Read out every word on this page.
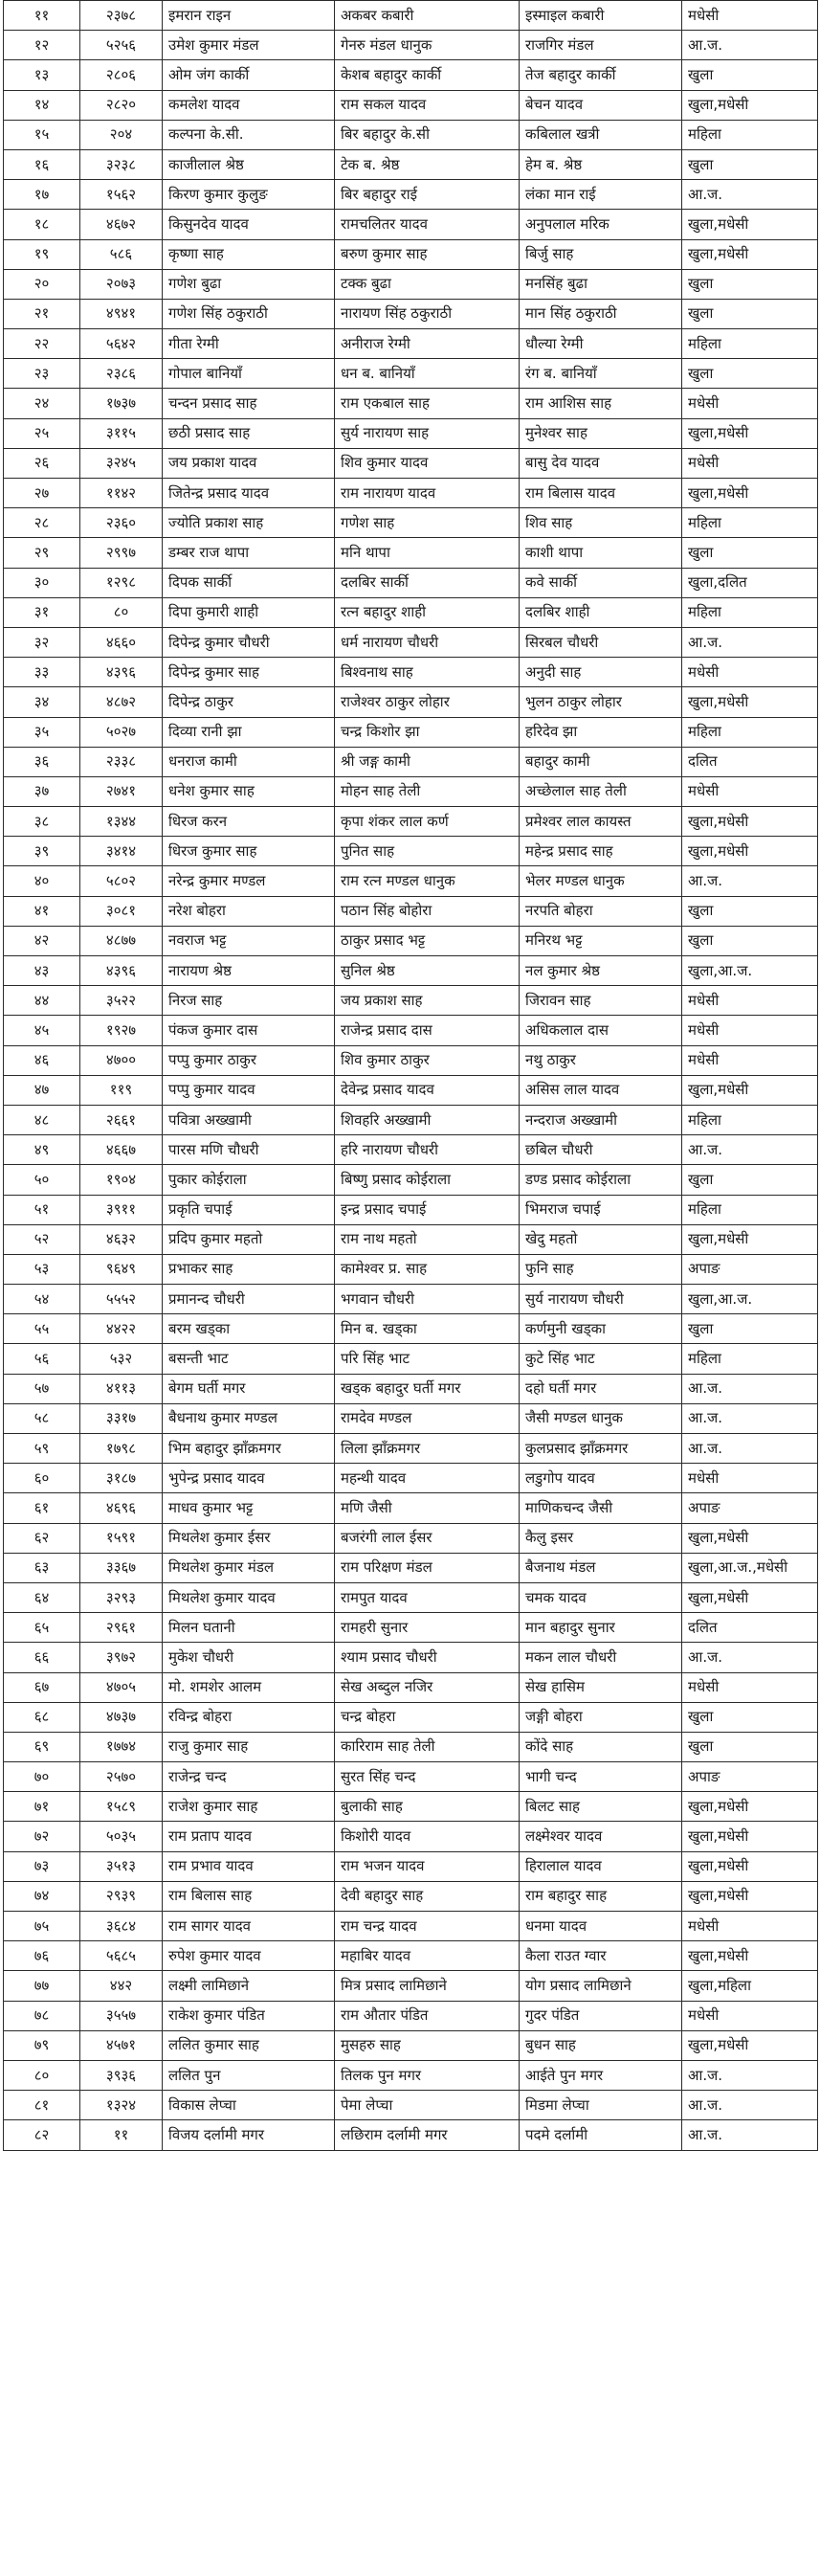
११	२३७८	इमरान राइन	अकबर कबारी	इस्माइल कबारी	मधेसी
१२	५२५६	उमेश कुमार मंडल	गेनरु मंडल धानुक	राजगिर मंडल	आ.ज.
१३	२८०६	ओम जंग कार्की	केशब बहादुर कार्की	तेज बहादुर कार्की	खुला
१४	२८२०	कमलेश यादव	राम सकल यादव	बेचन यादव	खुला,मधेसी
१५	२०४	कल्पना के.सी.	बिर बहादुर के.सी	कबिलाल खत्री	महिला
१६	३२३८	काजीलाल श्रेष्ठ	टेक ब. श्रेष्ठ	हेम ब. श्रेष्ठ	खुला
१७	१५६२	किरण कुमार कुलुङ	बिर बहादुर राई	लंका मान राई	आ.ज.
१८	४६७२	किसुनदेव यादव	रामचलितर यादव	अनुपलाल मरिक	खुला,मधेसी
१९	५८६	कृष्णा साह	बरुण कुमार साह	बिर्जु साह	खुला,मधेसी
२०	२०७३	गणेश बुढा	टक्क बुढा	मनसिंह बुढा	खुला
२१	४९४१	गणेश सिंह ठकुराठी	नारायण सिंह ठकुराठी	मान सिंह ठकुराठी	खुला
२२	५६४२	गीता रेग्मी	अनीराज रेग्मी	धौल्या रेग्मी	महिला
२३	२३८६	गोपाल बानियाँ	धन ब. बानियाँ	रंग ब. बानियाँ	खुला
२४	१७३७	चन्दन प्रसाद साह	राम एकबाल साह	राम आशिस साह	मधेसी
२५	३११५	छठी प्रसाद साह	सुर्य नारायण साह	मुनेश्वर साह	खुला,मधेसी
२६	३२४५	जय प्रकाश यादव	शिव कुमार यादव	बासु देव यादव	मधेसी
२७	११४२	जितेन्द्र प्रसाद यादव	राम नारायण यादव	राम बिलास यादव	खुला,मधेसी
२८	२३६०	ज्योति प्रकाश साह	गणेश साह	शिव साह	महिला
२९	२९९७	डम्बर राज थापा	मनि थापा	काशी थापा	खुला
३०	१२९८	दिपक सार्की	दलबिर सार्की	कवे सार्की	खुला,दलित
३१	८०	दिपा कुमारी शाही	रत्न बहादुर शाही	दलबिर शाही	महिला
३२	४६६०	दिपेन्द्र कुमार चौधरी	धर्म नारायण चौधरी	सिरबल चौधरी	आ.ज.
३३	४३९६	दिपेन्द्र कुमार साह	बिश्वनाथ साह	अनुदी साह	मधेसी
३४	४८७२	दिपेन्द्र ठाकुर	राजेश्वर ठाकुर लोहार	भुलन ठाकुर लोहार	खुला,मधेसी
३५	५०२७	दिव्या रानी झा	चन्द्र किशोर झा	हरिदेव झा	महिला
३६	२३३८	धनराज कामी	श्री जङ्ग कामी	बहादुर कामी	दलित
३७	२७४१	धनेश कुमार साह	मोहन साह तेली	अच्छेलाल साह तेली	मधेसी
३८	१३४४	धिरज करन	कृपा शंकर लाल कर्ण	प्रमेश्वर लाल कायस्त	खुला,मधेसी
३९	३४१४	धिरज कुमार साह	पुनित साह	महेन्द्र प्रसाद साह	खुला,मधेसी
४०	५८०२	नरेन्द्र कुमार मण्डल	राम रत्न मण्डल धानुक	भेलर मण्डल धानुक	आ.ज.
४१	३०८१	नरेश बोहरा	पठान सिंह बोहोरा	नरपति बोहरा	खुला
४२	४८७७	नवराज भट्ट	ठाकुर प्रसाद भट्ट	मनिरथ भट्ट	खुला
४३	४३९६	नारायण श्रेष्ठ	सुनिल श्रेष्ठ	नल कुमार श्रेष्ठ	खुला,आ.ज.
४४	३५२२	निरज साह	जय प्रकाश साह	जिरावन साह	मधेसी
४५	१९२७	पंकज कुमार दास	राजेन्द्र प्रसाद दास	अधिकलाल दास	मधेसी
४६	४७००	पप्पु कुमार ठाकुर	शिव कुमार ठाकुर	नथु ठाकुर	मधेसी
४७	११९	पप्पु कुमार यादव	देवेन्द्र प्रसाद यादव	असिस लाल यादव	खुला,मधेसी
४८	२६६१	पवित्रा अख्खामी	शिवहरि अख्खामी	नन्दराज अख्खामी	महिला
४९	४६६७	पारस मणि चौधरी	हरि नारायण चौधरी	छबिल चौधरी	आ.ज.
५०	१९०४	पुकार कोईराला	बिष्णु प्रसाद कोईराला	डण्ड प्रसाद कोईराला	खुला
५१	३९११	प्रकृति चपाई	इन्द्र प्रसाद चपाई	भिमराज चपाई	महिला
५२	४६३२	प्रदिप कुमार महतो	राम नाथ महतो	खेदु महतो	खुला,मधेसी
५३	९६४९	प्रभाकर साह	कामेश्वर प्र. साह	फुनि साह	अपाङ
५४	५५५२	प्रमानन्द चौधरी	भगवान चौधरी	सुर्य नारायण चौधरी	खुला,आ.ज.
५५	४४२२	बरम खड्का	मिन ब. खड्का	कर्णमुनी खड्का	खुला
५६	५३२	बसन्ती भाट	परि सिंह भाट	कुटे सिंह भाट	महिला
५७	४११३	बेगम घर्ती मगर	खड्क बहादुर घर्ती मगर	दहो घर्ती मगर	आ.ज.
५८	३३१७	बैधनाथ कुमार मण्डल	रामदेव मण्डल	जैसी मण्डल धानुक	आ.ज.
५९	१७९८	भिम बहादुर झाँक्रमगर	लिला झाँक्रमगर	कुलप्रसाद झाँक्रमगर	आ.ज.
६०	३१८७	भुपेन्द्र प्रसाद यादव	महन्थी यादव	लडुगोप यादव	मधेसी
६१	४६९६	माधव कुमार भट्ट	मणि जैसी	माणिकचन्द जैसी	अपाङ
६२	१५९१	मिथलेश कुमार ईसर	बजरंगी लाल ईसर	कैलु इसर	खुला,मधेसी
६३	३३६७	मिथलेश कुमार मंडल	राम परिक्षण मंडल	बैजनाथ मंडल	खुला,आ.ज.,मधेसी
६४	३२९३	मिथलेश कुमार यादव	रामपुत यादव	चमक यादव	खुला,मधेसी
६५	२९६१	मिलन घतानी	रामहरी सुनार	मान बहादुर सुनार	दलित
६६	३९७२	मुकेश चौधरी	श्याम प्रसाद चौधरी	मकन लाल चौधरी	आ.ज.
६७	४७०५	मो. शमशेर आलम	सेख अब्दुल नजिर	सेख हासिम	मधेसी
६८	४७३७	रविन्द्र बोहरा	चन्द्र बोहरा	जङ्गी बोहरा	खुला
६९	१७७४	राजु कुमार साह	कारिराम साह तेली	कोंदे साह	खुला
७०	२५७०	राजेन्द्र चन्द	सुरत सिंह चन्द	भागी चन्द	अपाङ
७१	१५८९	राजेश कुमार साह	बुलाकी साह	बिलट साह	खुला,मधेसी
७२	५०३५	राम प्रताप यादव	किशोरी यादव	लक्ष्मेश्वर यादव	खुला,मधेसी
७३	३५१३	राम प्रभाव यादव	राम भजन यादव	हिरालाल यादव	खुला,मधेसी
७४	२९३९	राम बिलास साह	देवी बहादुर साह	राम बहादुर साह	खुला,मधेसी
७५	३६८४	राम सागर यादव	राम चन्द्र यादव	धनमा यादव	मधेसी
७६	५६८५	रुपेश कुमार यादव	महाबिर यादव	कैला राउत ग्वार	खुला,मधेसी
७७	४४२	लक्ष्मी लामिछाने	मित्र प्रसाद लामिछाने	योग प्रसाद लामिछाने	खुला,महिला
७८	३५५७	राकेश कुमार पंडित	राम औतार पंडित	गुदर पंडित	मधेसी
७९	४५७१	ललित कुमार साह	मुसहरु साह	बुधन साह	खुला,मधेसी
८०	३९३६	ललित पुन	तिलक पुन मगर	आईते पुन मगर	आ.ज.
८१	१३२४	विकास लेप्चा	पेमा लेप्चा	मिडमा लेप्चा	आ.ज.
८२	११	विजय दर्लामी मगर	लछिराम दर्लामी मगर	पदमे दर्लामी	आ.ज.
